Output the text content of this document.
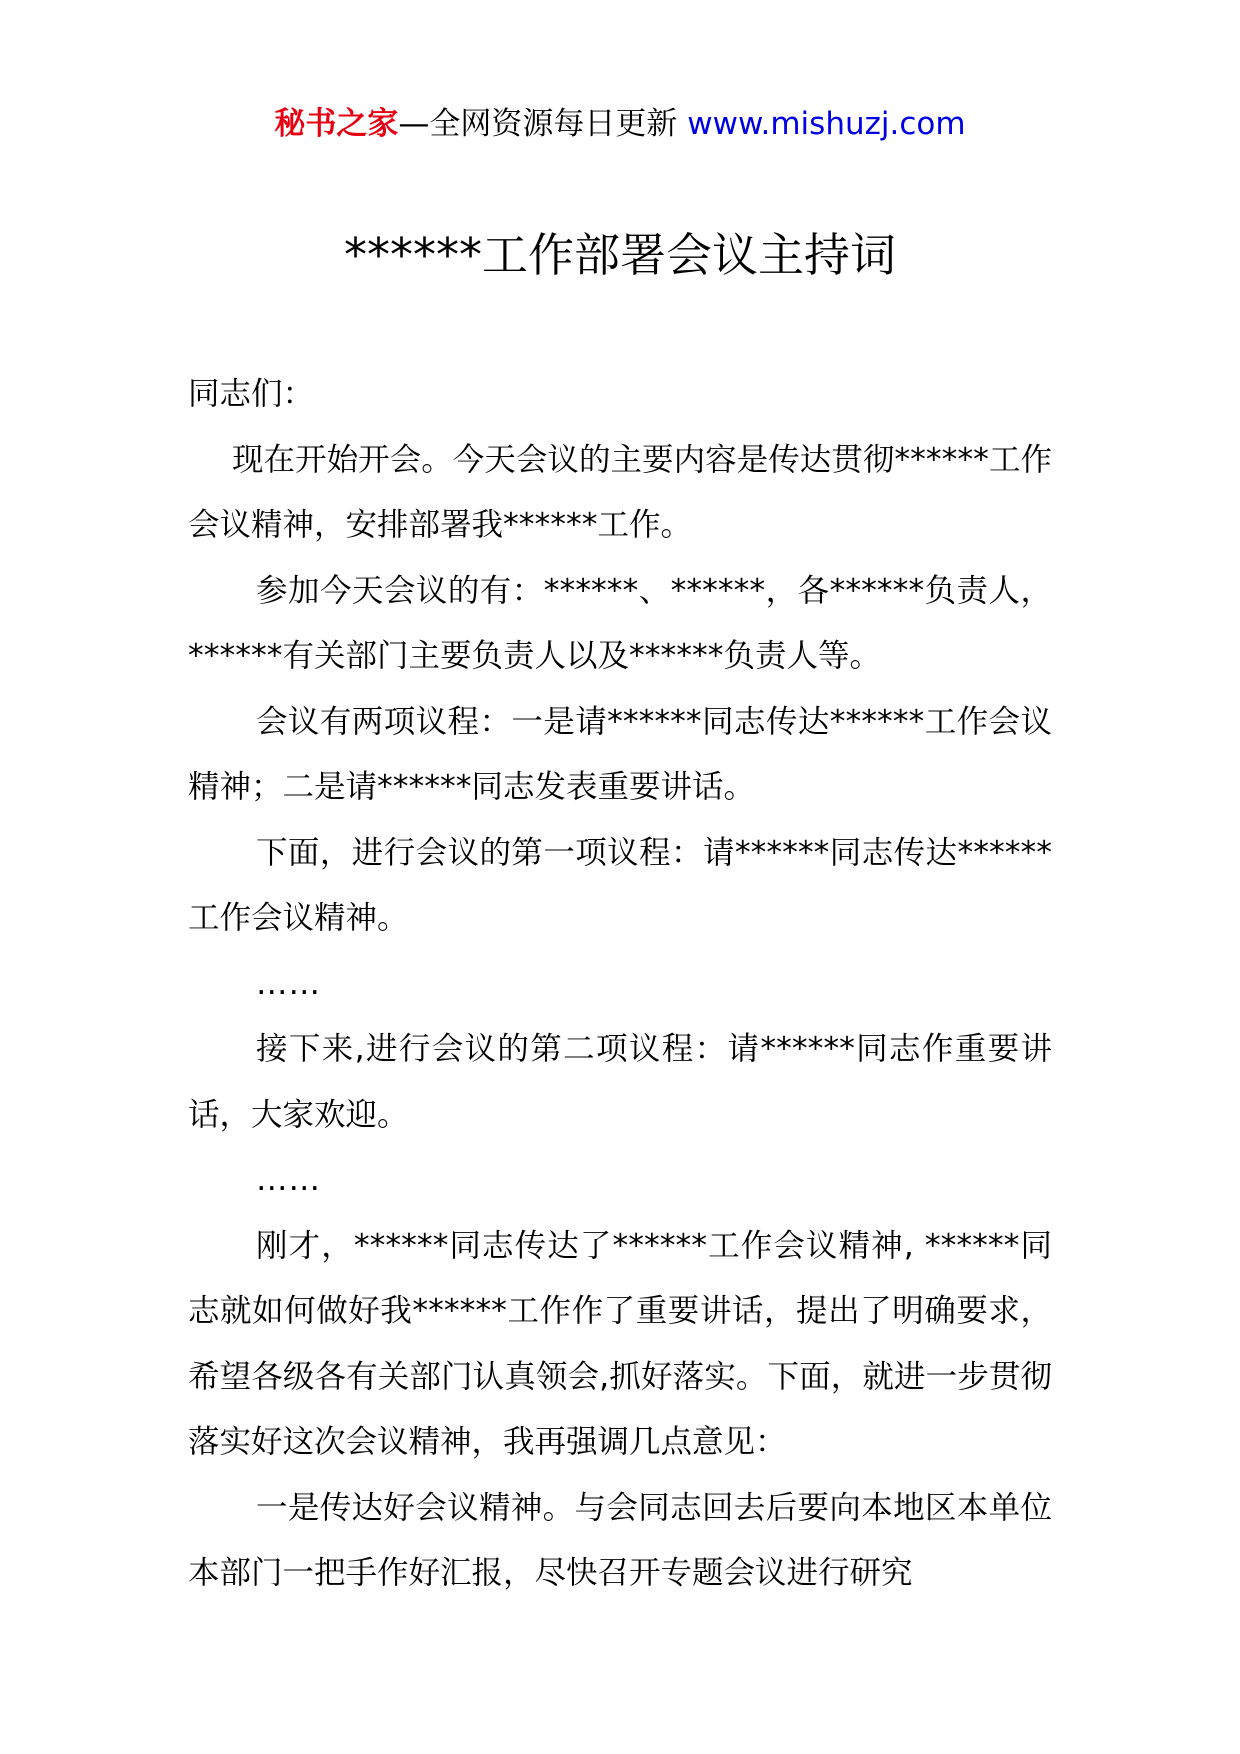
秘书之家—全网资源每日更新 www.mishuzj.com
******工作部署会议主持词

同志们：

现在开始开会。今天会议的主要内容是传达贯彻******工作会议精神，安排部署我******工作。

参加今天会议的有：******、******，各******负责人，******有关部门主要负责人以及******负责人等。

会议有两项议程：一是请******同志传达******工作会议精神；二是请******同志发表重要讲话。

下面，进行会议的第一项议程：请******同志传达******工作会议精神。

……

接下来,进行会议的第二项议程：请******同志作重要讲话，大家欢迎。

……

刚才，******同志传达了******工作会议精神, ******同志就如何做好我******工作作了重要讲话，提出了明确要求，希望各级各有关部门认真领会,抓好落实。下面，就进一步贯彻落实好这次会议精神，我再强调几点意见：

一是传达好会议精神。与会同志回去后要向本地区本单位本部门一把手作好汇报，尽快召开专题会议进行研究
